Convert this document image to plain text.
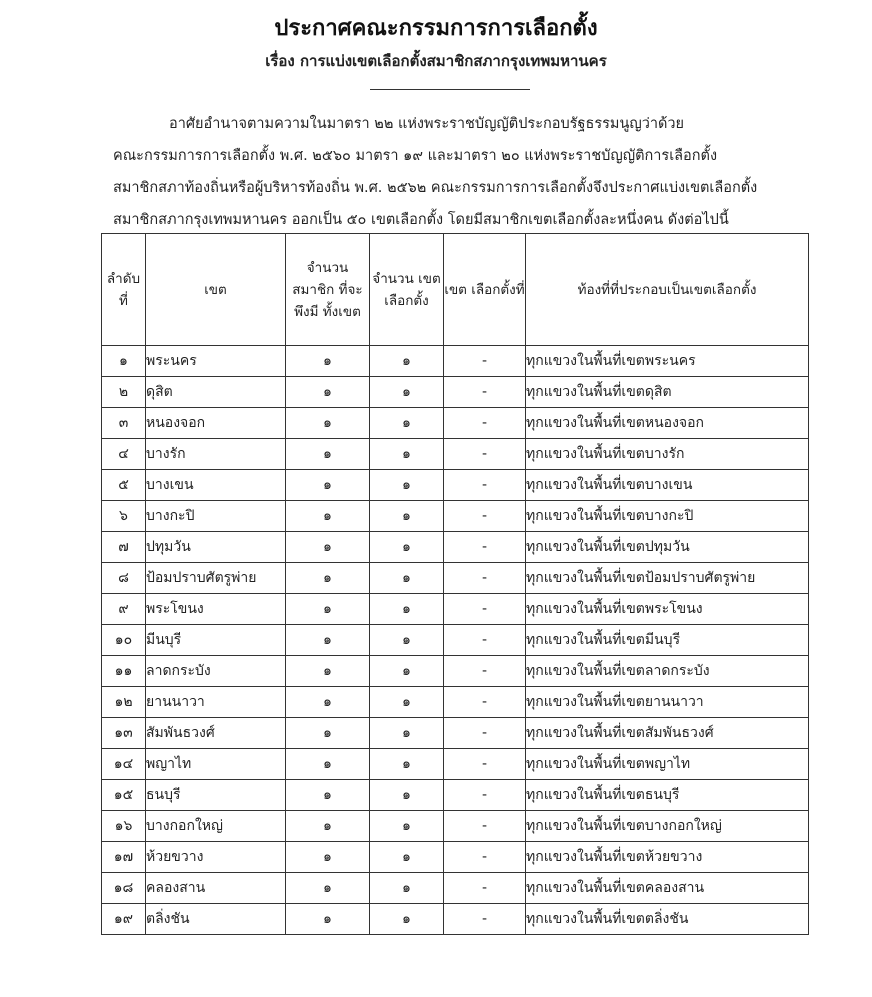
ประกาศคณะกรรมการการเลือกตั้ง
เรื่อง การแบ่งเขตเลือกตั้งสมาชิกสภากรุงเทพมหานคร
อาศัยอำนาจตามความในมาตรา ๒๒ แห่งพระราชบัญญัติประกอบรัฐธรรมนูญว่าด้วย
คณะกรรมการการเลือกตั้ง พ.ศ. ๒๕๖๐ มาตรา ๑๙ และมาตรา ๒๐ แห่งพระราชบัญญัติการเลือกตั้ง
สมาชิกสภาท้องถิ่นหรือผู้บริหารท้องถิ่น พ.ศ. ๒๕๖๒ คณะกรรมการการเลือกตั้งจึงประกาศแบ่งเขตเลือกตั้ง
สมาชิกสภากรุงเทพมหานคร ออกเป็น ๕๐ เขตเลือกตั้ง โดยมีสมาชิกเขตเลือกตั้งละหนึ่งคน ดังต่อไปนี้
ลำดับ ที่	เขต	จำนวน สมาชิก ที่จะพึงมี ทั้งเขต	จำนวน เขต เลือกตั้ง	เขต เลือกตั้งที่	ท้องที่ที่ประกอบเป็นเขตเลือกตั้ง
๑	พระนคร	๑	๑	-	ทุกแขวงในพื้นที่เขตพระนคร
๒	ดุสิต	๑	๑	-	ทุกแขวงในพื้นที่เขตดุสิต
๓	หนองจอก	๑	๑	-	ทุกแขวงในพื้นที่เขตหนองจอก
๔	บางรัก	๑	๑	-	ทุกแขวงในพื้นที่เขตบางรัก
๕	บางเขน	๑	๑	-	ทุกแขวงในพื้นที่เขตบางเขน
๖	บางกะปิ	๑	๑	-	ทุกแขวงในพื้นที่เขตบางกะปิ
๗	ปทุมวัน	๑	๑	-	ทุกแขวงในพื้นที่เขตปทุมวัน
๘	ป้อมปราบศัตรูพ่าย	๑	๑	-	ทุกแขวงในพื้นที่เขตป้อมปราบศัตรูพ่าย
๙	พระโขนง	๑	๑	-	ทุกแขวงในพื้นที่เขตพระโขนง
๑๐	มีนบุรี	๑	๑	-	ทุกแขวงในพื้นที่เขตมีนบุรี
๑๑	ลาดกระบัง	๑	๑	-	ทุกแขวงในพื้นที่เขตลาดกระบัง
๑๒	ยานนาวา	๑	๑	-	ทุกแขวงในพื้นที่เขตยานนาวา
๑๓	สัมพันธวงศ์	๑	๑	-	ทุกแขวงในพื้นที่เขตสัมพันธวงศ์
๑๔	พญาไท	๑	๑	-	ทุกแขวงในพื้นที่เขตพญาไท
๑๕	ธนบุรี	๑	๑	-	ทุกแขวงในพื้นที่เขตธนบุรี
๑๖	บางกอกใหญ่	๑	๑	-	ทุกแขวงในพื้นที่เขตบางกอกใหญ่
๑๗	ห้วยขวาง	๑	๑	-	ทุกแขวงในพื้นที่เขตห้วยขวาง
๑๘	คลองสาน	๑	๑	-	ทุกแขวงในพื้นที่เขตคลองสาน
๑๙	ตลิ่งชัน	๑	๑	-	ทุกแขวงในพื้นที่เขตตลิ่งชัน
